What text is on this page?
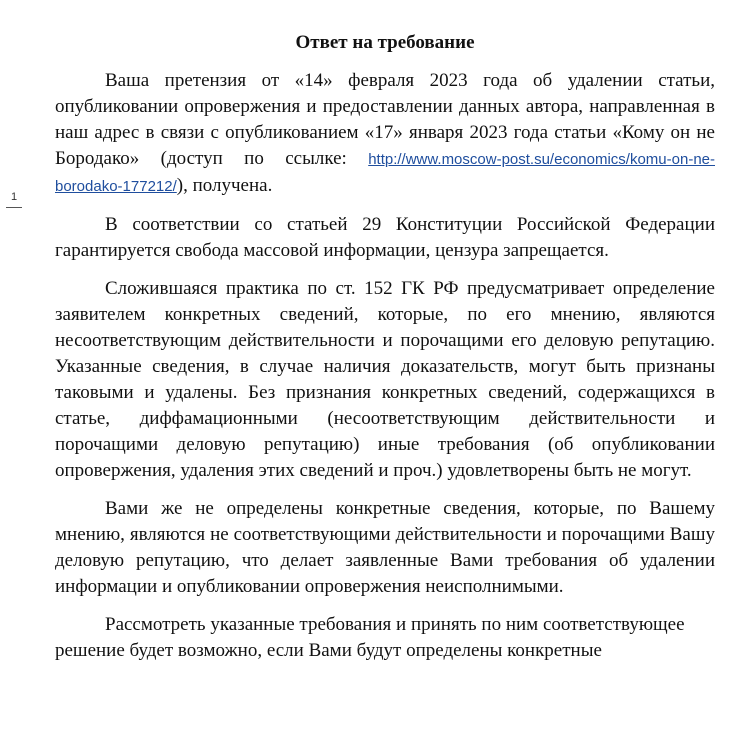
1
Ответ на требование

Ваша претензия от «14» февраля 2023 года об удалении статьи, опубликовании опровержения и предоставлении данных автора, направленная в наш адрес в связи с опубликованием «17» января 2023 года статьи «Кому он не Бородако» (доступ по ссылке: http://www.moscow-post.su/economics/komu-on-ne-borodako-177212/), получена.

В соответствии со статьей 29 Конституции Российской Федерации гарантируется свобода массовой информации, цензура запрещается.

Сложившаяся практика по ст. 152 ГК РФ предусматривает определение заявителем конкретных сведений, которые, по его мнению, являются несоответствующим действительности и порочащими его деловую репутацию. Указанные сведения, в случае наличия доказательств, могут быть признаны таковыми и удалены. Без признания конкретных сведений, содержащихся в статье, диффамационными (несоответствующим действительности и порочащими деловую репутацию) иные требования (об опубликовании опровержения, удаления этих сведений и проч.) удовлетворены быть не могут.

Вами же не определены конкретные сведения, которые, по Вашему мнению, являются не соответствующими действительности и порочащими Вашу деловую репутацию, что делает заявленные Вами требования об удалении информации и опубликовании опровержения неисполнимыми.

Рассмотреть указанные требования и принять по ним соответствующее решение будет возможно, если Вами будут определены конкретные
